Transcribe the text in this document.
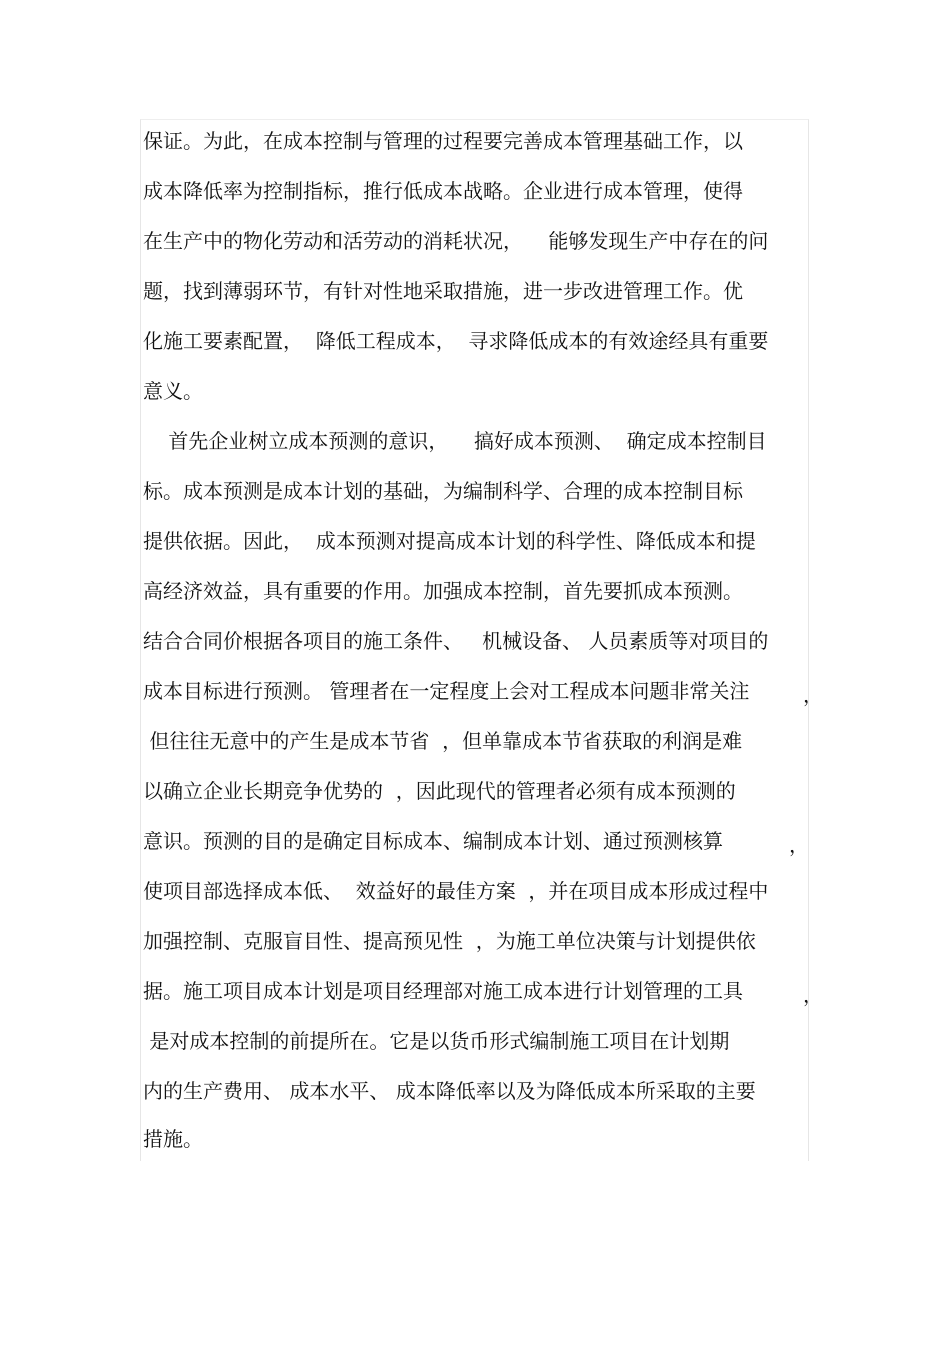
保证。为此，在成本控制与管理的过程要完善成本管理基础工作，以
成本降低率为控制指标，推行低成本战略。企业进行成本管理，使得
在生产中的物化劳动和活劳动的消耗状况，    能够发现生产中存在的问
题，找到薄弱环节，有针对性地采取措施，进一步改进管理工作。优
化施工要素配置，  降低工程成本，  寻求降低成本的有效途经具有重要
意义。
首先企业树立成本预测的意识，    搞好成本预测、  确定成本控制目
标。成本预测是成本计划的基础，为编制科学、合理的成本控制目标
提供依据。因此，  成本预测对提高成本计划的科学性、降低成本和提
高经济效益，具有重要的作用。加强成本控制，首先要抓成本预测。
结合合同价根据各项目的施工条件、   机械设备、 人员素质等对项目的
成本目标进行预测。 管理者在一定程度上会对工程成本问题非常关注
但往往无意中的产生是成本节省  ，但单靠成本节省获取的利润是难
以确立企业长期竞争优势的  ，因此现代的管理者必须有成本预测的
意识。预测的目的是确定目标成本、编制成本计划、通过预测核算
使项目部选择成本低、  效益好的最佳方案  ，并在项目成本形成过程中
加强控制、克服盲目性、提高预见性  ，为施工单位决策与计划提供依
据。施工项目成本计划是项目经理部对施工成本进行计划管理的工具
是对成本控制的前提所在。它是以货币形式编制施工项目在计划期
内的生产费用、 成本水平、 成本降低率以及为降低成本所采取的主要
措施。
，
，
，
